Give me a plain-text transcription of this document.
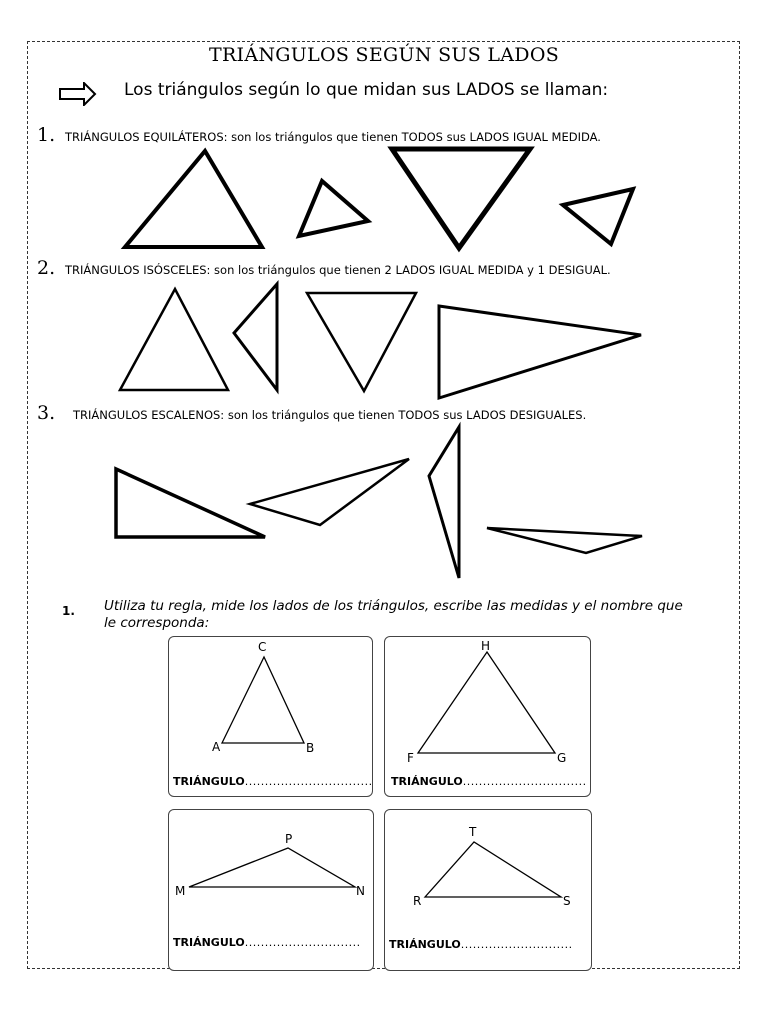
TRIÁNGULOS SEGÚN SUS LADOS
Los triángulos según lo que midan sus LADOS se llaman:
1. TRIÁNGULOS EQUILÁTEROS: son los triángulos que tienen TODOS sus LADOS IGUAL MEDIDA.
2. TRIÁNGULOS ISÓSCELES: son los triángulos que tienen 2 LADOS IGUAL MEDIDA y 1 DESIGUAL.
3. TRIÁNGULOS ESCALENOS: son los triángulos que tienen TODOS sus LADOS DESIGUALES.
1. Utiliza tu regla, mide los lados de los triángulos, escribe las medidas y el nombre que le corresponda:
C
A	B
TRIÁNGULO................................
H
F	G
TRIÁNGULO...............................
P
M	N
TRIÁNGULO.............................
T
R	S
TRIÁNGULO............................
